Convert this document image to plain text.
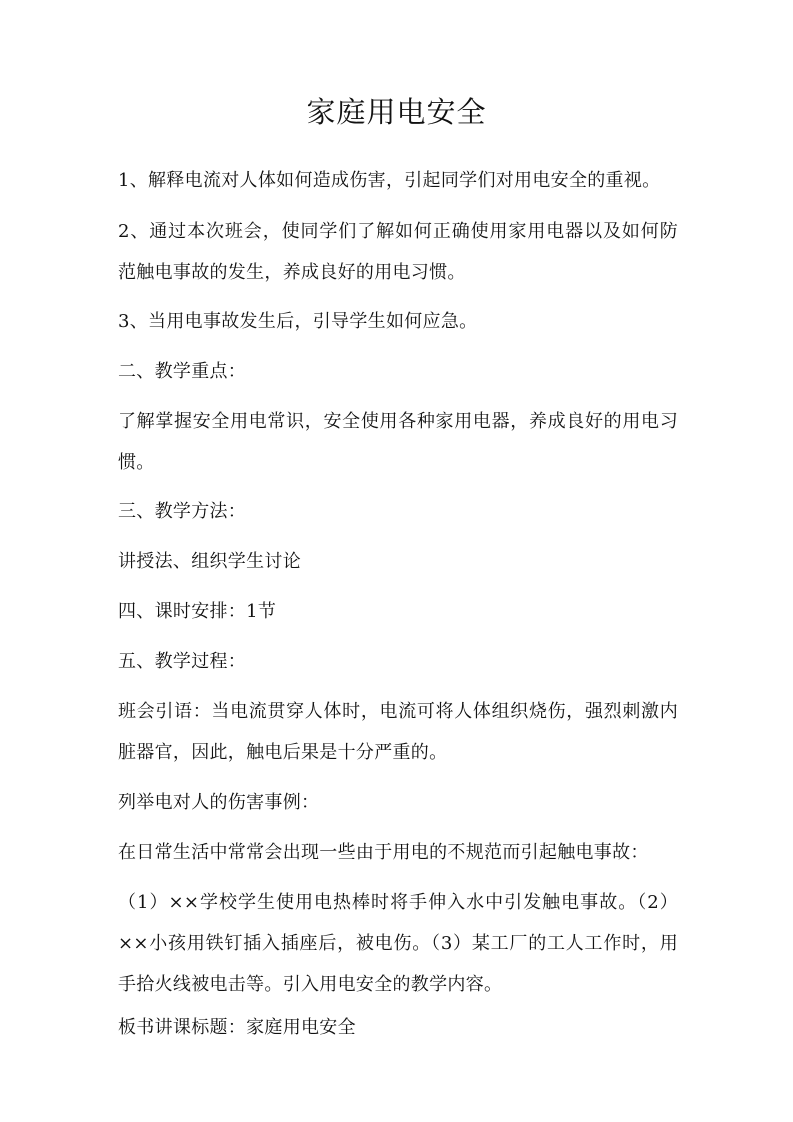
家庭用电安全

1、解释电流对人体如何造成伤害，引起同学们对用电安全的重视。

2、通过本次班会，使同学们了解如何正确使用家用电器以及如何防范触电事故的发生，养成良好的用电习惯。

3、当用电事故发生后，引导学生如何应急。

二、教学重点：

了解掌握安全用电常识，安全使用各种家用电器，养成良好的用电习惯。

三、教学方法：

讲授法、组织学生讨论

四、课时安排：1节

五、教学过程：

班会引语：当电流贯穿人体时，电流可将人体组织烧伤，强烈刺激内脏器官，因此，触电后果是十分严重的。

列举电对人的伤害事例：

在日常生活中常常会出现一些由于用电的不规范而引起触电事故：

（1）××学校学生使用电热棒时将手伸入水中引发触电事故。（2）××小孩用铁钉插入插座后，被电伤。（3）某工厂的工人工作时，用手拾火线被电击等。引入用电安全的教学内容。

板书讲课标题：家庭用电安全
